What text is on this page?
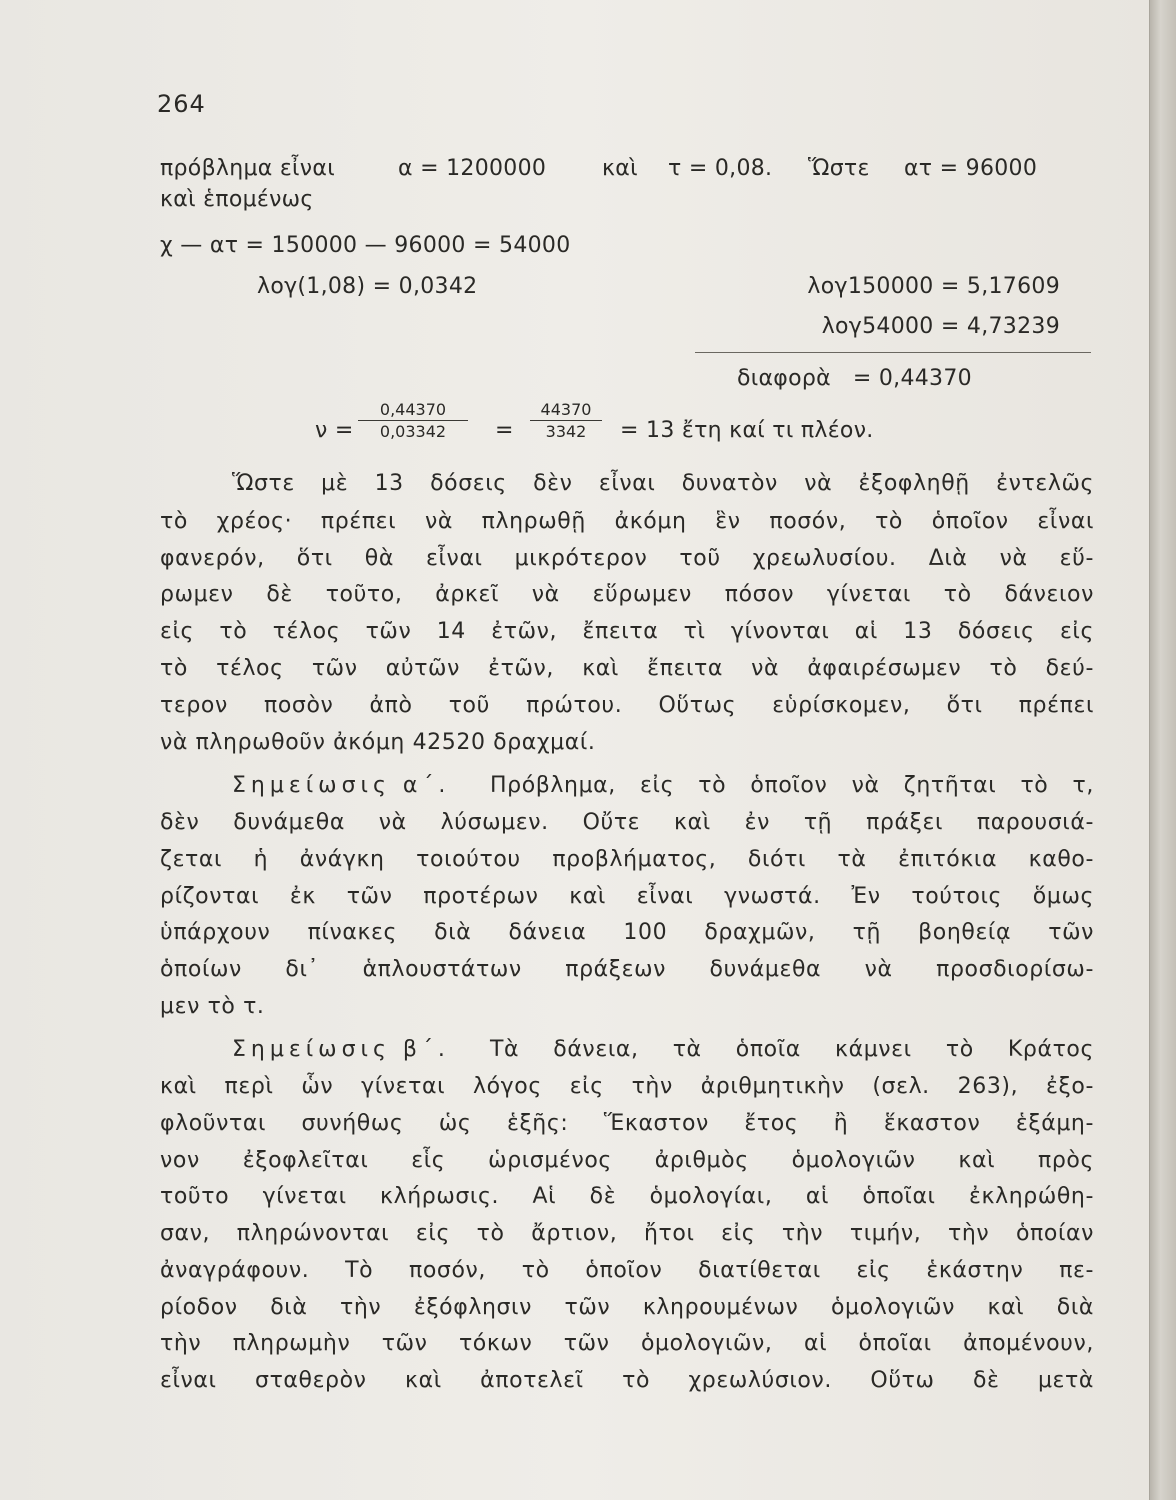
264
πρόβλημα εἶναι	α = 1200000	καὶ τ = 0,08. Ὥστε ατ = 96000
καὶ ἑπομένως
χ — ατ = 150000 — 96000 = 54000
λογ(1,08) = 0,0342	λογ150000 = 5,17609
λογ54000 = 4,73239
διαφορὰ   = 0,44370
ν =
0,44370
0,03342	=
44370
3342	= 13 ἔτη καί τι πλέον.
Ὥστε μὲ 13 δόσεις δὲν εἶναι δυνατὸν νὰ ἐξοφληθῇ ἐντελῶς
τὸ χρέος· πρέπει νὰ πληρωθῇ ἀκόμη ἓν ποσόν, τὸ ὁποῖον εἶναι
φανερόν, ὅτι θὰ εἶναι μικρότερον τοῦ χρεωλυσίου. Διὰ νὰ εὕ-
ρωμεν δὲ τοῦτο, ἀρκεῖ νὰ εὕρωμεν πόσον γίνεται τὸ δάνειον
εἰς τὸ τέλος τῶν 14 ἐτῶν, ἔπειτα τὶ γίνονται αἱ 13 δόσεις εἰς
τὸ τέλος τῶν αὐτῶν ἐτῶν, καὶ ἔπειτα νὰ ἀφαιρέσωμεν τὸ δεύ-
τερον ποσὸν ἀπὸ τοῦ πρώτου. Οὕτως εὑρίσκομεν, ὅτι πρέπει
νὰ πληρωθοῦν ἀκόμη 42520 δραχμαί.
Σημείωσις α΄.	Πρόβλημα, εἰς τὸ ὁποῖον νὰ ζητῆται τὸ τ,
δὲν δυνάμεθα νὰ λύσωμεν. Οὔτε καὶ ἐν τῇ πράξει παρουσιά-
ζεται ἡ ἀνάγκη τοιούτου προβλήματος, διότι τὰ ἐπιτόκια καθο-
ρίζονται ἐκ τῶν προτέρων καὶ εἶναι γνωστά. Ἐν τούτοις ὅμως
ὑπάρχουν πίνακες διὰ δάνεια 100 δραχμῶν, τῇ βοηθείᾳ τῶν
ὁποίων δι᾽ ἁπλουστάτων πράξεων δυνάμεθα νὰ προσδιορίσω-
μεν τὸ τ.
Σημείωσις β΄.	Τὰ δάνεια, τὰ ὁποῖα κάμνει τὸ Κράτος
καὶ περὶ ὧν γίνεται λόγος εἰς τὴν ἀριθμητικὴν (σελ. 263), ἐξο-
φλοῦνται συνήθως ὡς ἑξῆς: Ἕκαστον ἔτος ἢ ἕκαστον ἑξάμη-
νον ἐξοφλεῖται εἷς ὡρισμένος ἀριθμὸς ὁμολογιῶν καὶ πρὸς
τοῦτο γίνεται κλήρωσις. Αἱ δὲ ὁμολογίαι, αἱ ὁποῖαι ἐκληρώθη-
σαν, πληρώνονται εἰς τὸ ἄρτιον, ἤτοι εἰς τὴν τιμήν, τὴν ὁποίαν
ἀναγράφουν. Τὸ ποσόν, τὸ ὁποῖον διατίθεται εἰς ἑκάστην πε-
ρίοδον διὰ τὴν ἐξόφλησιν τῶν κληρουμένων ὁμολογιῶν καὶ διὰ
τὴν πληρωμὴν τῶν τόκων τῶν ὁμολογιῶν, αἱ ὁποῖαι ἀπομένουν,
εἶναι σταθερὸν καὶ ἀποτελεῖ τὸ χρεωλύσιον. Οὕτω δὲ μετὰ
